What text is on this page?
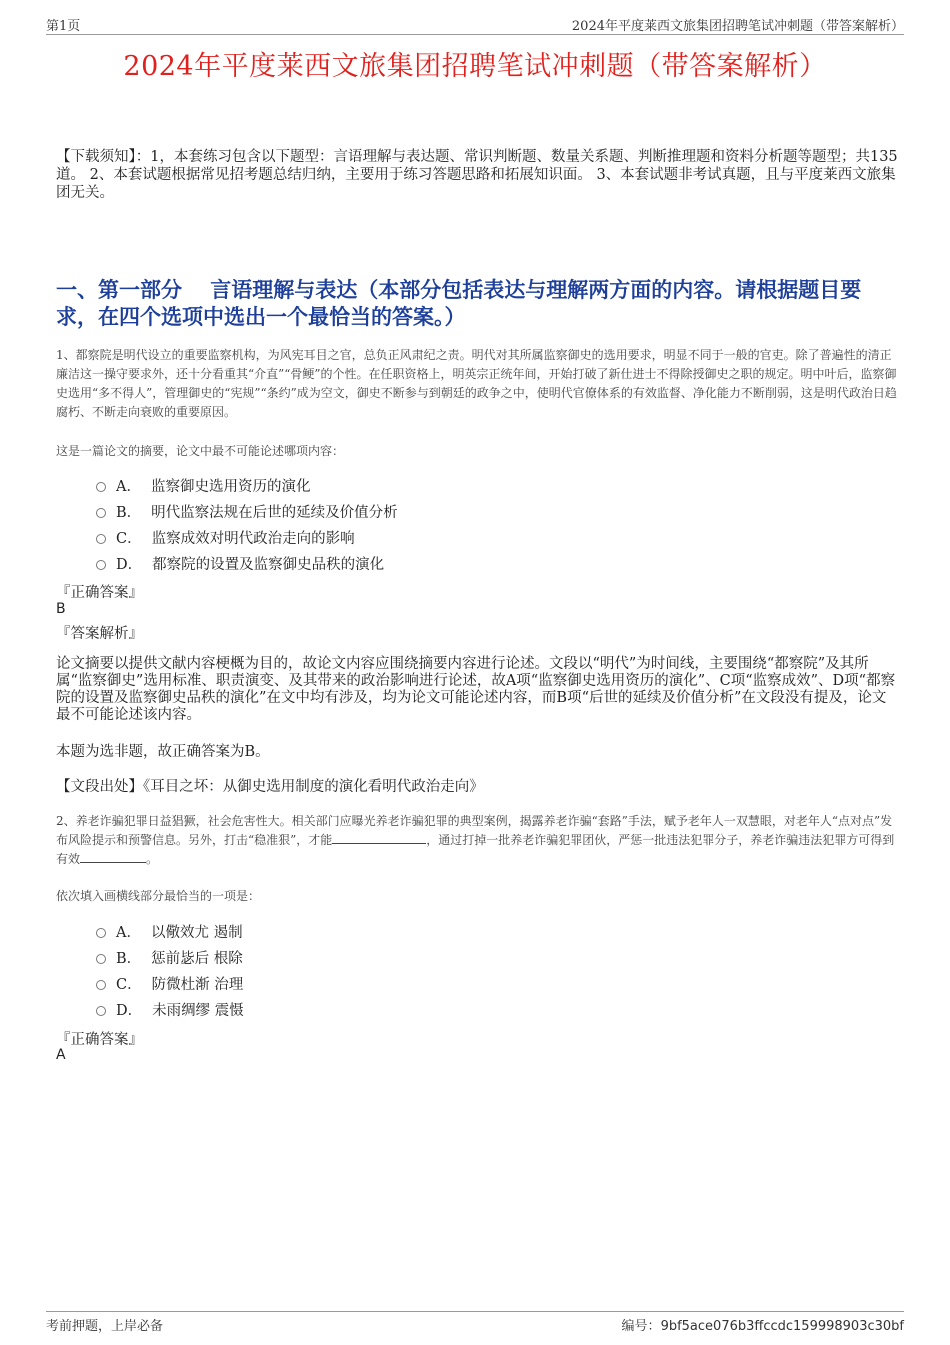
第1页	2024年平度莱西文旅集团招聘笔试冲刺题（带答案解析）
2024年平度莱西文旅集团招聘笔试冲刺题（带答案解析）

【下载须知】：1，本套练习包含以下题型：言语理解与表达题、常识判断题、数量关系题、判断推理题和资料分析题等题型；共135道。 2、本套试题根据常见招考题总结归纳，主要用于练习答题思路和拓展知识面。 3、本套试题非考试真题，且与平度莱西文旅集团无关。

一、第一部分　 言语理解与表达（本部分包括表达与理解两方面的内容。请根据题目要求，在四个选项中选出一个最恰当的答案。）

1、都察院是明代设立的重要监察机构，为风宪耳目之官，总负正风肃纪之责。明代对其所属监察御史的选用要求，明显不同于一般的官吏。除了普遍性的清正廉洁这一操守要求外，还十分看重其“介直”“骨鲠”的个性。在任职资格上，明英宗正统年间，开始打破了新仕进士不得除授御史之职的规定。明中叶后，监察御史选用“多不得人”，管理御史的“宪规”“条约”成为空文，御史不断参与到朝廷的政争之中，使明代官僚体系的有效监督、净化能力不断削弱，这是明代政治日趋腐朽、不断走向衰败的重要原因。

这是一篇论文的摘要，论文中最不可能论述哪项内容：

A． 监察御史选用资历的演化
B． 明代监察法规在后世的延续及价值分析
C． 监察成效对明代政治走向的影响
D． 都察院的设置及监察御史品秩的演化

『正确答案』

B

『答案解析』

论文摘要以提供文献内容梗概为目的，故论文内容应围绕摘要内容进行论述。文段以“明代”为时间线，主要围绕“都察院”及其所属“监察御史”选用标准、职责演变、及其带来的政治影响进行论述，故A项“监察御史选用资历的演化”、C项“监察成效”、D项“都察院的设置及监察御史品秩的演化”在文中均有涉及，均为论文可能论述内容，而B项“后世的延续及价值分析”在文段没有提及，论文最不可能论述该内容。

本题为选非题，故正确答案为B。

【文段出处】《耳目之坏：从御史选用制度的演化看明代政治走向》

2、养老诈骗犯罪日益猖獗，社会危害性大。相关部门应曝光养老诈骗犯罪的典型案例，揭露养老诈骗“套路”手法，赋予老年人一双慧眼，对老年人“点对点”发布风险提示和预警信息。另外，打击“稳准狠”，才能	，通过打掉一批养老诈骗犯罪团伙，严惩一批违法犯罪分子，养老诈骗违法犯罪方可得到有效	。

依次填入画横线部分最恰当的一项是：

A． 以儆效尤 遏制
B． 惩前毖后 根除
C． 防微杜渐 治理
D． 未雨绸缪 震慑

『正确答案』

A
考前押题，上岸必备	编号：9bf5ace076b3ffccdc159998903c30bf
